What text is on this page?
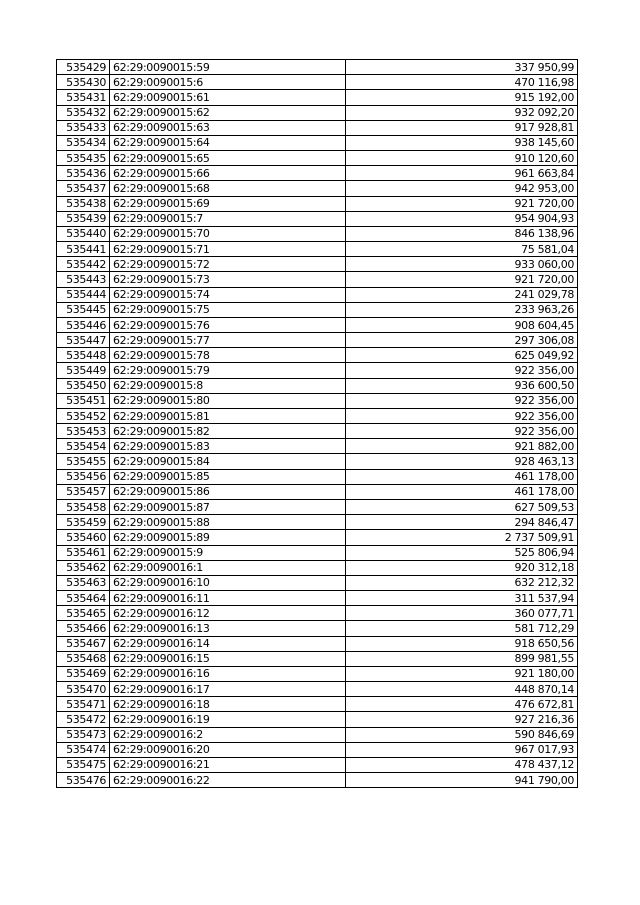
535429	62:29:0090015:59	337 950,99
535430	62:29:0090015:6	470 116,98
535431	62:29:0090015:61	915 192,00
535432	62:29:0090015:62	932 092,20
535433	62:29:0090015:63	917 928,81
535434	62:29:0090015:64	938 145,60
535435	62:29:0090015:65	910 120,60
535436	62:29:0090015:66	961 663,84
535437	62:29:0090015:68	942 953,00
535438	62:29:0090015:69	921 720,00
535439	62:29:0090015:7	954 904,93
535440	62:29:0090015:70	846 138,96
535441	62:29:0090015:71	75 581,04
535442	62:29:0090015:72	933 060,00
535443	62:29:0090015:73	921 720,00
535444	62:29:0090015:74	241 029,78
535445	62:29:0090015:75	233 963,26
535446	62:29:0090015:76	908 604,45
535447	62:29:0090015:77	297 306,08
535448	62:29:0090015:78	625 049,92
535449	62:29:0090015:79	922 356,00
535450	62:29:0090015:8	936 600,50
535451	62:29:0090015:80	922 356,00
535452	62:29:0090015:81	922 356,00
535453	62:29:0090015:82	922 356,00
535454	62:29:0090015:83	921 882,00
535455	62:29:0090015:84	928 463,13
535456	62:29:0090015:85	461 178,00
535457	62:29:0090015:86	461 178,00
535458	62:29:0090015:87	627 509,53
535459	62:29:0090015:88	294 846,47
535460	62:29:0090015:89	2 737 509,91
535461	62:29:0090015:9	525 806,94
535462	62:29:0090016:1	920 312,18
535463	62:29:0090016:10	632 212,32
535464	62:29:0090016:11	311 537,94
535465	62:29:0090016:12	360 077,71
535466	62:29:0090016:13	581 712,29
535467	62:29:0090016:14	918 650,56
535468	62:29:0090016:15	899 981,55
535469	62:29:0090016:16	921 180,00
535470	62:29:0090016:17	448 870,14
535471	62:29:0090016:18	476 672,81
535472	62:29:0090016:19	927 216,36
535473	62:29:0090016:2	590 846,69
535474	62:29:0090016:20	967 017,93
535475	62:29:0090016:21	478 437,12
535476	62:29:0090016:22	941 790,00
